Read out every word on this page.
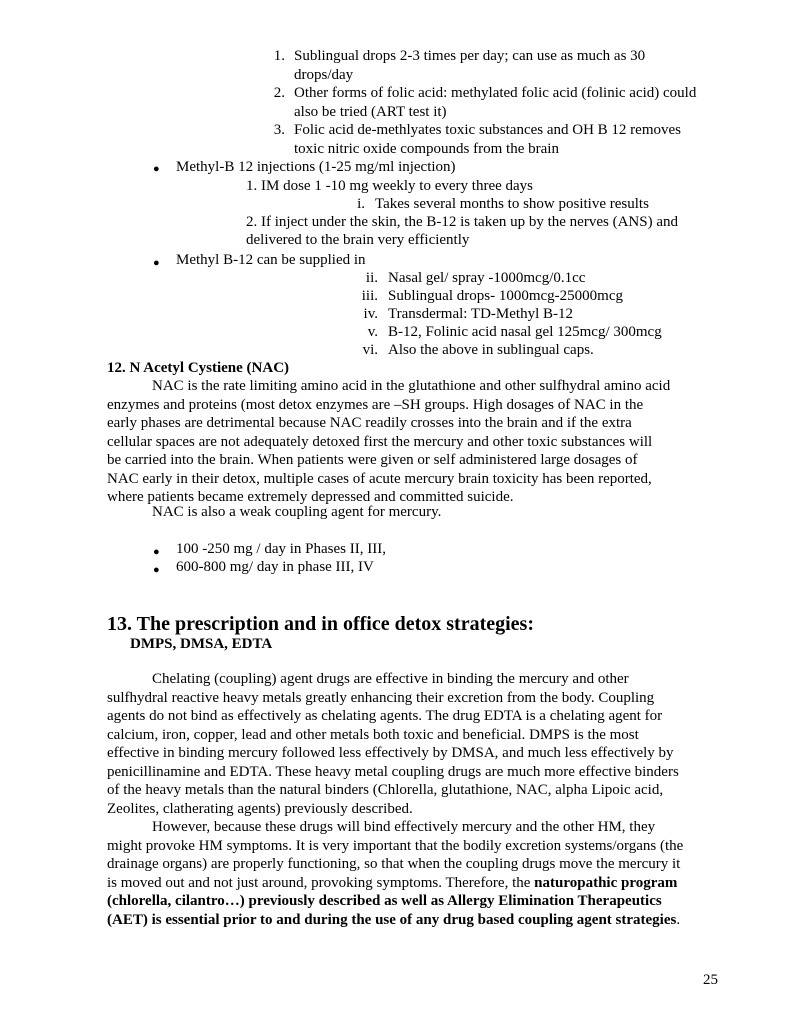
1. Sublingual drops 2-3 times per day; can use as much as 30
drops/day
2. Other forms of folic acid: methylated folic acid (folinic acid) could
also be tried (ART test it)
3. Folic acid de-methlyates toxic substances and OH B 12 removes
toxic nitric oxide compounds from the brain
● Methyl-B 12 injections (1-25 mg/ml injection)
1. IM dose 1 -10 mg weekly to every three days
i. Takes several months to show positive results
2. If inject under the skin, the B-12 is taken up by the nerves (ANS) and
delivered to the brain very efficiently
● Methyl B-12 can be supplied in
ii. Nasal gel/ spray -1000mcg/0.1cc
iii. Sublingual drops- 1000mcg-25000mcg
iv. Transdermal: TD-Methyl B-12
v. B-12, Folinic acid nasal gel 125mcg/ 300mcg
vi. Also the above in sublingual caps.
12. N Acetyl Cystiene (NAC)
NAC is the rate limiting amino acid in the glutathione and other sulfhydral amino acid
enzymes and proteins (most detox enzymes are –SH groups. High dosages of NAC in the
early phases are detrimental because NAC readily crosses into the brain and if the extra
cellular spaces are not adequately detoxed first the mercury and other toxic substances will
be carried into the brain. When patients were given or self administered large dosages of
NAC early in their detox, multiple cases of acute mercury brain toxicity has been reported,
where patients became extremely depressed and committed suicide.
NAC is also a weak coupling agent for mercury.
● 100 -250 mg / day in Phases II, III,
● 600-800 mg/ day in phase III, IV
13. The prescription and in office detox strategies:
DMPS, DMSA, EDTA
Chelating (coupling) agent drugs are effective in binding the mercury and other
sulfhydral reactive heavy metals greatly enhancing their excretion from the body. Coupling
agents do not bind as effectively as chelating agents. The drug EDTA is a chelating agent for
calcium, iron, copper, lead and other metals both toxic and beneficial. DMPS is the most
effective in binding mercury followed less effectively by DMSA, and much less effectively by
penicillinamine and EDTA. These heavy metal coupling drugs are much more effective binders
of the heavy metals than the natural binders (Chlorella, glutathione, NAC, alpha Lipoic acid,
Zeolites, clatherating agents) previously described.
However, because these drugs will bind effectively mercury and the other HM, they
might provoke HM symptoms. It is very important that the bodily excretion systems/organs (the
drainage organs) are properly functioning, so that when the coupling drugs move the mercury it
is moved out and not just around, provoking symptoms. Therefore, the naturopathic program
(chlorella, cilantro…) previously described as well as Allergy Elimination Therapeutics
(AET) is essential prior to and during the use of any drug based coupling agent strategies.
25
